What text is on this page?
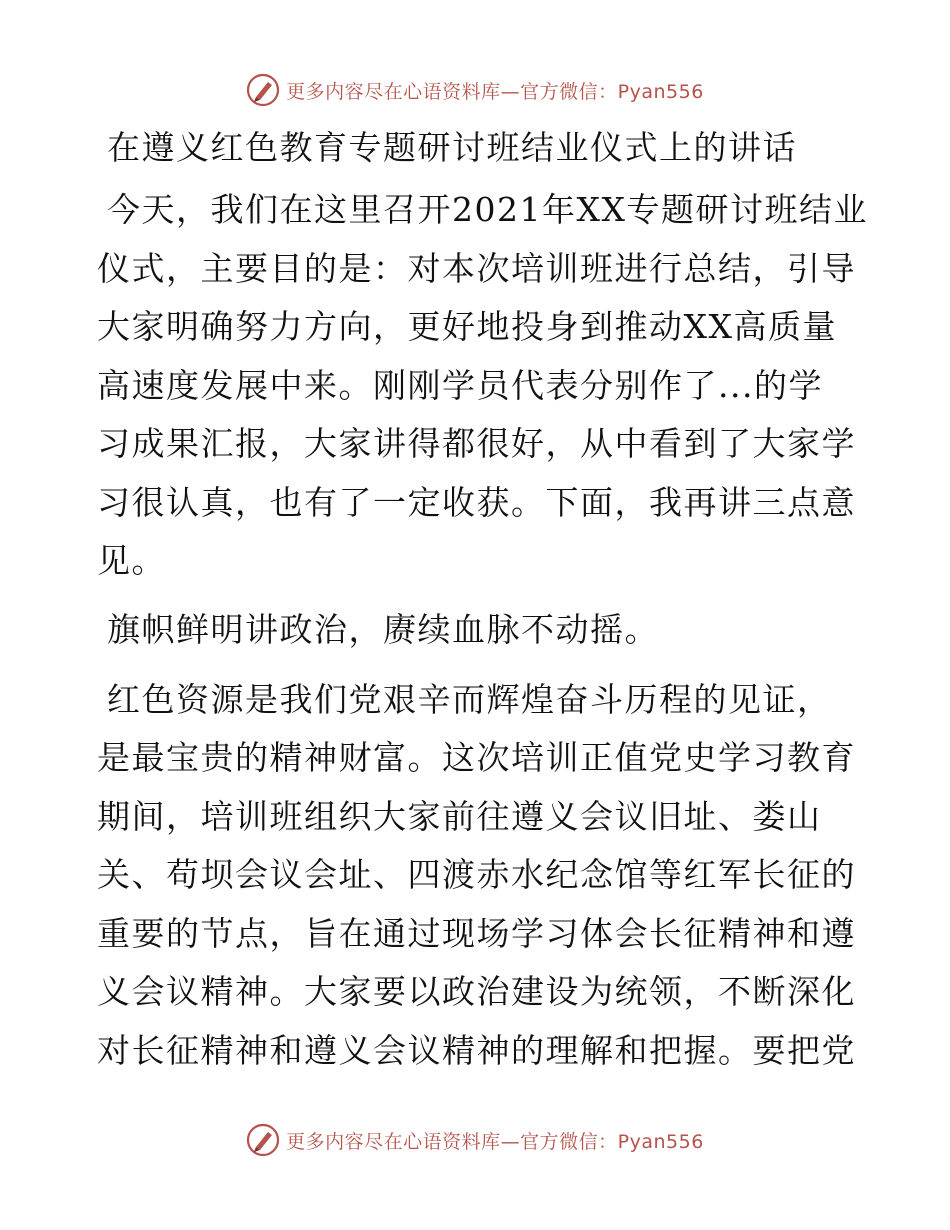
更多内容尽在心语资料库—官方微信：Pyan556
在遵义红色教育专题研讨班结业仪式上的讲话
今天，我们在这里召开2021年XX专题研讨班结业
仪式，主要目的是：对本次培训班进行总结，引导
大家明确努力方向，更好地投身到推动XX高质量
高速度发展中来。刚刚学员代表分别作了...的学
习成果汇报，大家讲得都很好，从中看到了大家学
习很认真，也有了一定收获。下面，我再讲三点意
见。
旗帜鲜明讲政治，赓续血脉不动摇。
红色资源是我们党艰辛而辉煌奋斗历程的见证，
是最宝贵的精神财富。这次培训正值党史学习教育
期间，培训班组织大家前往遵义会议旧址、娄山
关、苟坝会议会址、四渡赤水纪念馆等红军长征的
重要的节点，旨在通过现场学习体会长征精神和遵
义会议精神。大家要以政治建设为统领，不断深化
对长征精神和遵义会议精神的理解和把握。要把党
更多内容尽在心语资料库—官方微信：Pyan556
